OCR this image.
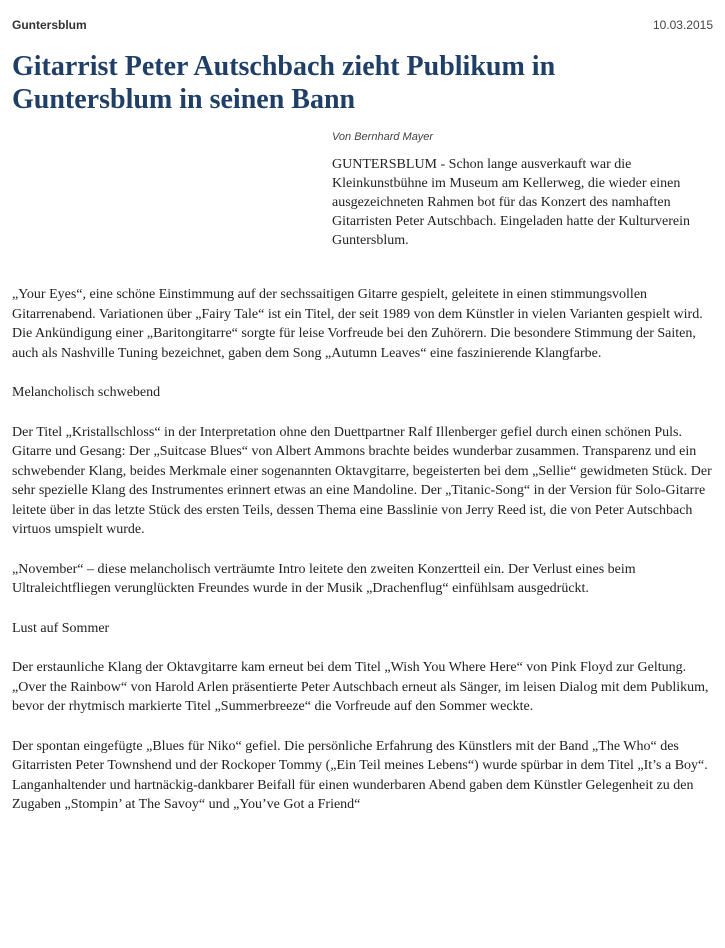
Guntersblum	10.03.2015
Gitarrist Peter Autschbach zieht Publikum in Guntersblum in seinen Bann
Von Bernhard Mayer

GUNTERSBLUM - Schon lange ausverkauft war die Kleinkunstbühne im Museum am Kellerweg, die wieder einen ausgezeichneten Rahmen bot für das Konzert des namhaften Gitarristen Peter Autschbach. Eingeladen hatte der Kulturverein Guntersblum.

„Your Eyes“, eine schöne Einstimmung auf der sechssaitigen Gitarre gespielt, geleitete in einen stimmungsvollen Gitarrenabend. Variationen über „Fairy Tale“ ist ein Titel, der seit 1989 von dem Künstler in vielen Varianten gespielt wird. Die Ankündigung einer „Baritongitarre“ sorgte für leise Vorfreude bei den Zuhörern. Die besondere Stimmung der Saiten, auch als Nashville Tuning bezeichnet, gaben dem Song „Autumn Leaves“ eine faszinierende Klangfarbe.

Melancholisch schwebend

Der Titel „Kristallschloss“ in der Interpretation ohne den Duettpartner Ralf Illenberger gefiel durch einen schönen Puls. Gitarre und Gesang: Der „Suitcase Blues“ von Albert Ammons brachte beides wunderbar zusammen. Transparenz und ein schwebender Klang, beides Merkmale einer sogenannten Oktavgitarre, begeisterten bei dem „Sellie“ gewidmeten Stück. Der sehr spezielle Klang des Instrumentes erinnert etwas an eine Mandoline. Der „Titanic-Song“ in der Version für Solo-Gitarre leitete über in das letzte Stück des ersten Teils, dessen Thema eine Basslinie von Jerry Reed ist, die von Peter Autschbach virtuos umspielt wurde.

„November“ – diese melancholisch verträumte Intro leitete den zweiten Konzertteil ein. Der Verlust eines beim Ultraleichtfliegen verunglückten Freundes wurde in der Musik „Drachenflug“ einfühlsam ausgedrückt.

Lust auf Sommer

Der erstaunliche Klang der Oktavgitarre kam erneut bei dem Titel „Wish You Where Here“ von Pink Floyd zur Geltung. „Over the Rainbow“ von Harold Arlen präsentierte Peter Autschbach erneut als Sänger, im leisen Dialog mit dem Publikum, bevor der rhytmisch markierte Titel „Summerbreeze“ die Vorfreude auf den Sommer weckte.

Der spontan eingefügte „Blues für Niko“ gefiel. Die persönliche Erfahrung des Künstlers mit der Band „The Who“ des Gitarristen Peter Townshend und der Rockoper Tommy („Ein Teil meines Lebens“) wurde spürbar in dem Titel „It’s a Boy“. Langanhaltender und hartnäckig-dankbarer Beifall für einen wunderbaren Abend gaben dem Künstler Gelegenheit zu den Zugaben „Stompin’ at The Savoy“ und „You’ve Got a Friend“
